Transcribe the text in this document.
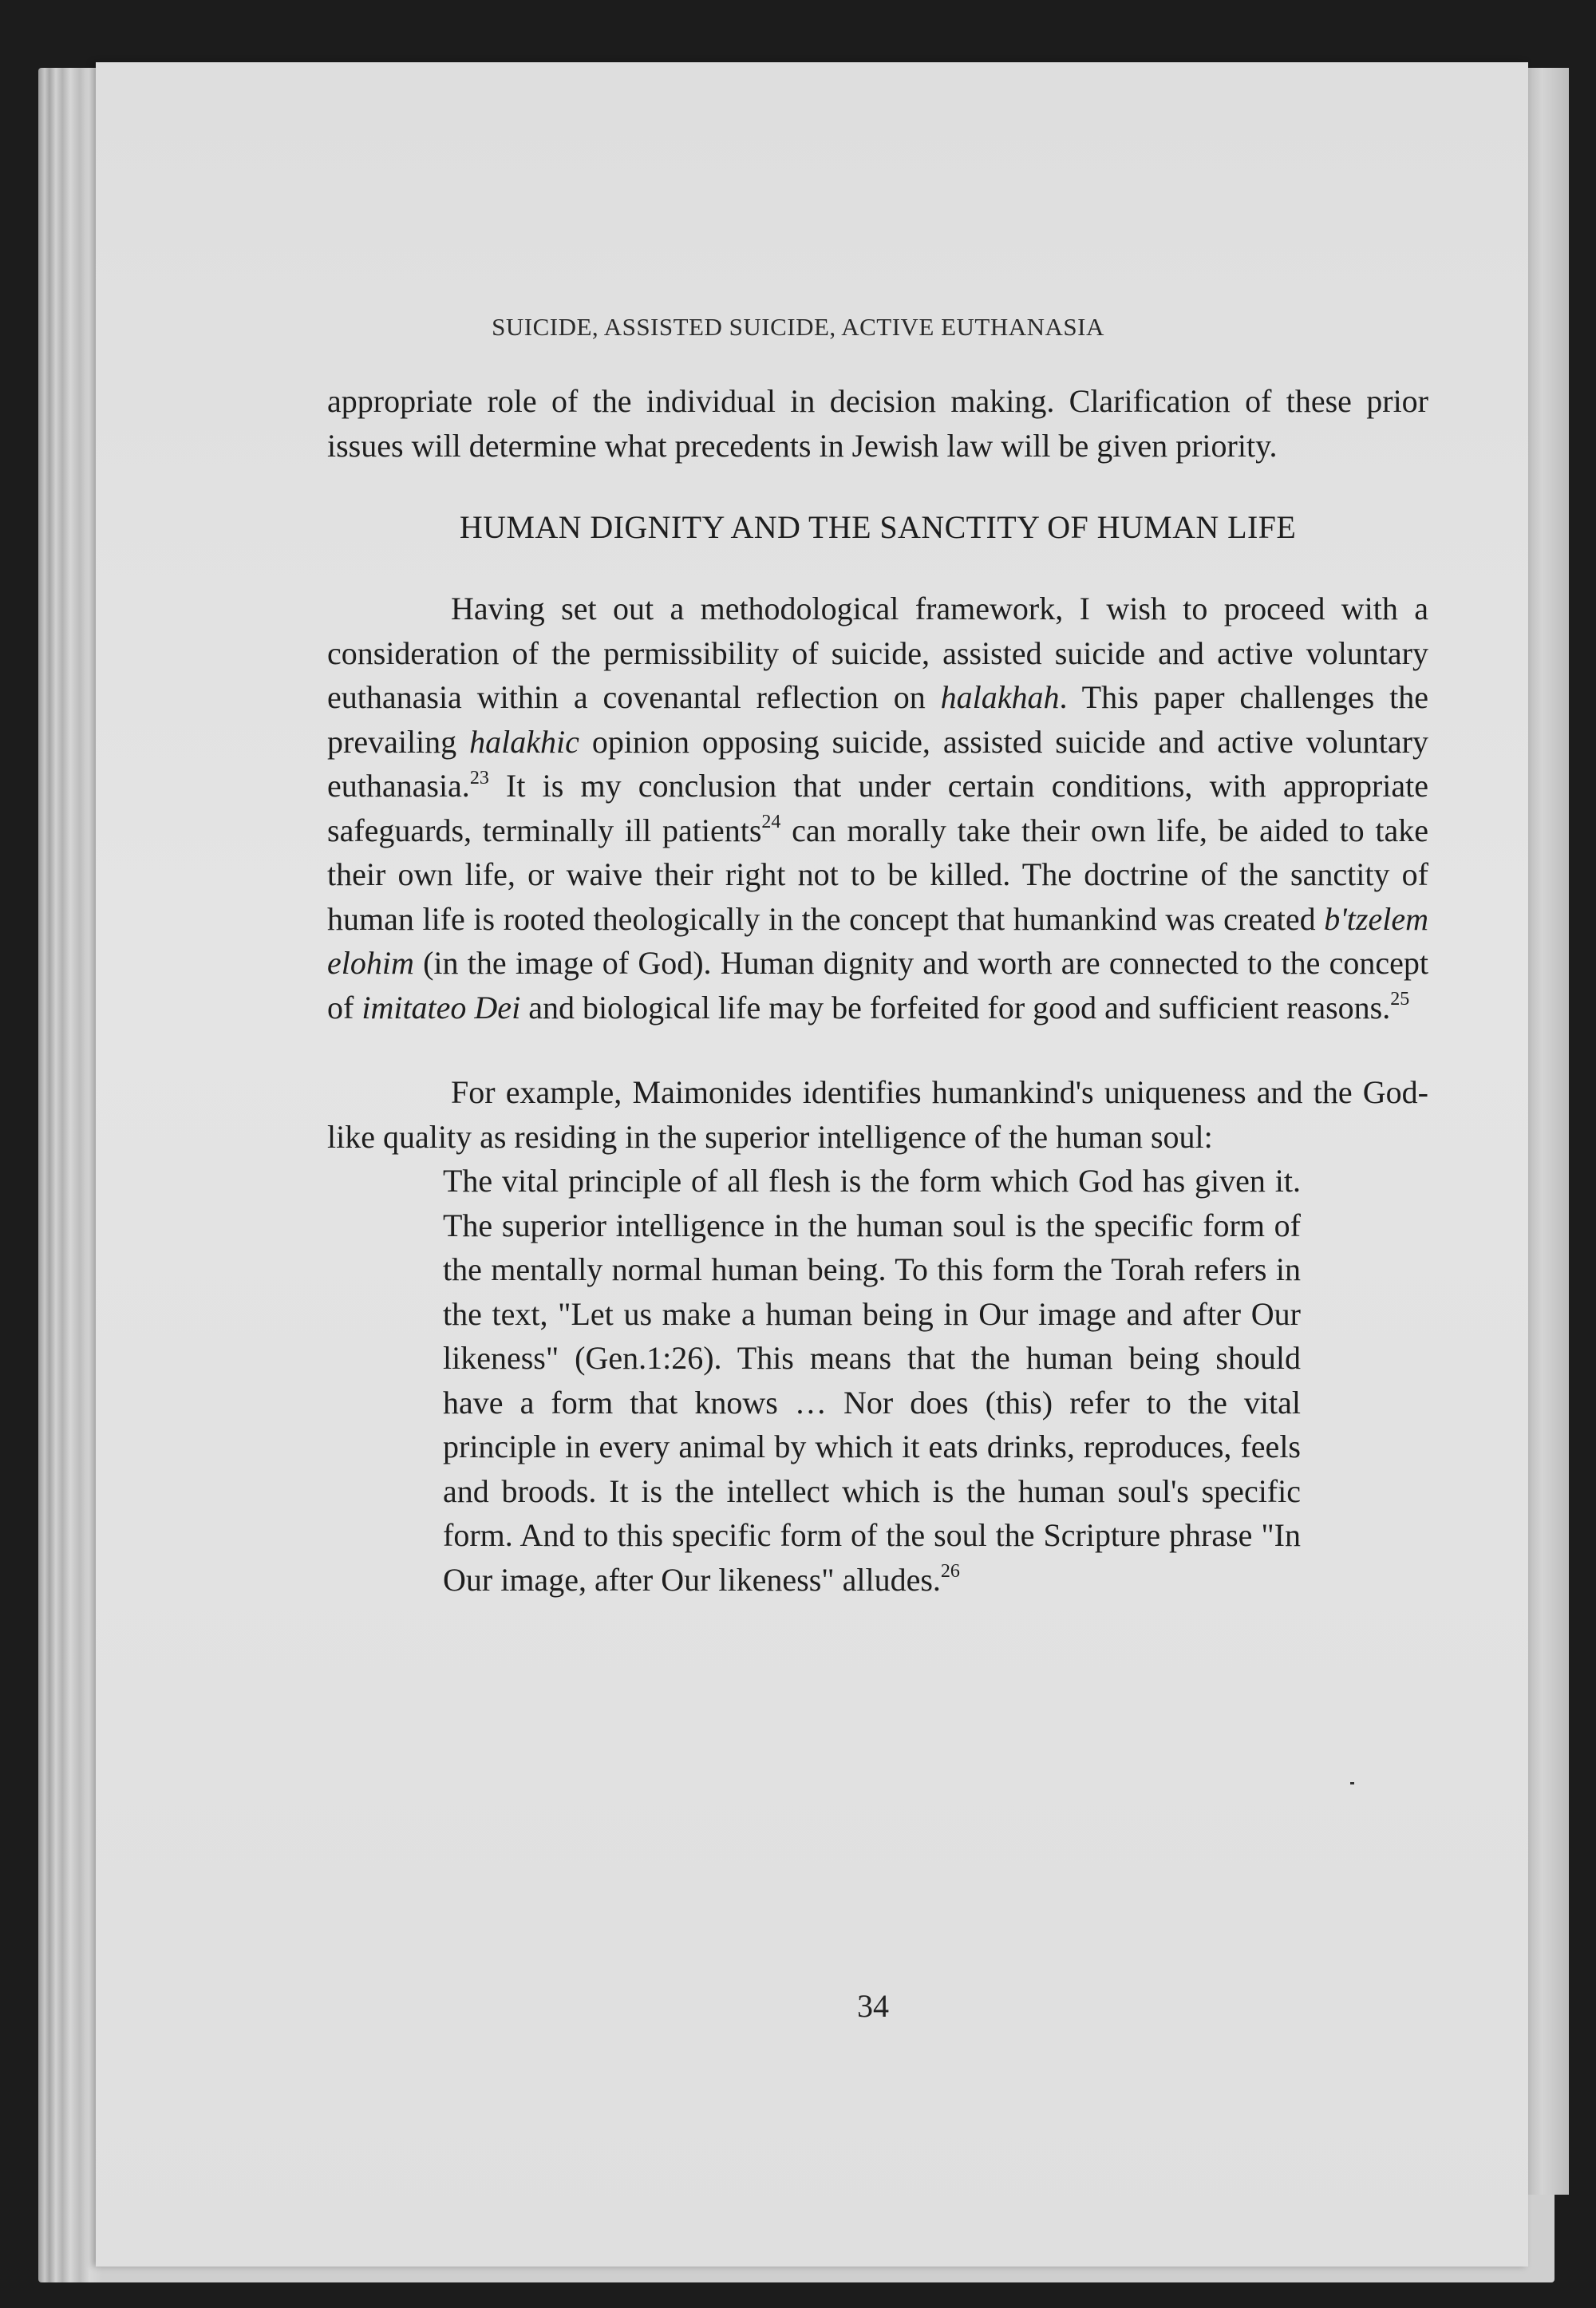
SUICIDE, ASSISTED SUICIDE, ACTIVE EUTHANASIA

appropriate role of the individual in decision making. Clarification of these prior issues will determine what precedents in Jewish law will be given priority.

HUMAN DIGNITY AND THE SANCTITY OF HUMAN LIFE

Having set out a methodological framework, I wish to proceed with a consideration of the permissibility of suicide, assisted suicide and active voluntary euthanasia within a covenantal reflection on halakhah. This paper challenges the prevailing halakhic opinion opposing suicide, assisted suicide and active voluntary euthanasia.$^{23}$ It is my conclusion that under certain conditions, with appropriate safeguards, terminally ill patients$^{24}$ can morally take their own life, be aided to take their own life, or waive their right not to be killed. The doctrine of the sanctity of human life is rooted theologically in the concept that humankind was created b'tzelem elohim (in the image of God). Human dignity and worth are connected to the concept of imitateo Dei and biological life may be forfeited for good and sufficient reasons.$^{25}$

For example, Maimonides identifies humankind's uniqueness and the God-like quality as residing in the superior intelligence of the human soul:

The vital principle of all flesh is the form which God has given it. The superior intelligence in the human soul is the specific form of the mentally normal human being. To this form the Torah refers in the text, "Let us make a human being in Our image and after Our likeness" (Gen.1:26). This means that the human being should have a form that knows … Nor does (this) refer to the vital principle in every animal by which it eats drinks, reproduces, feels and broods. It is the intellect which is the human soul's specific form. And to this specific form of the soul the Scripture phrase "In Our image, after Our likeness" alludes.$^{26}$

34
